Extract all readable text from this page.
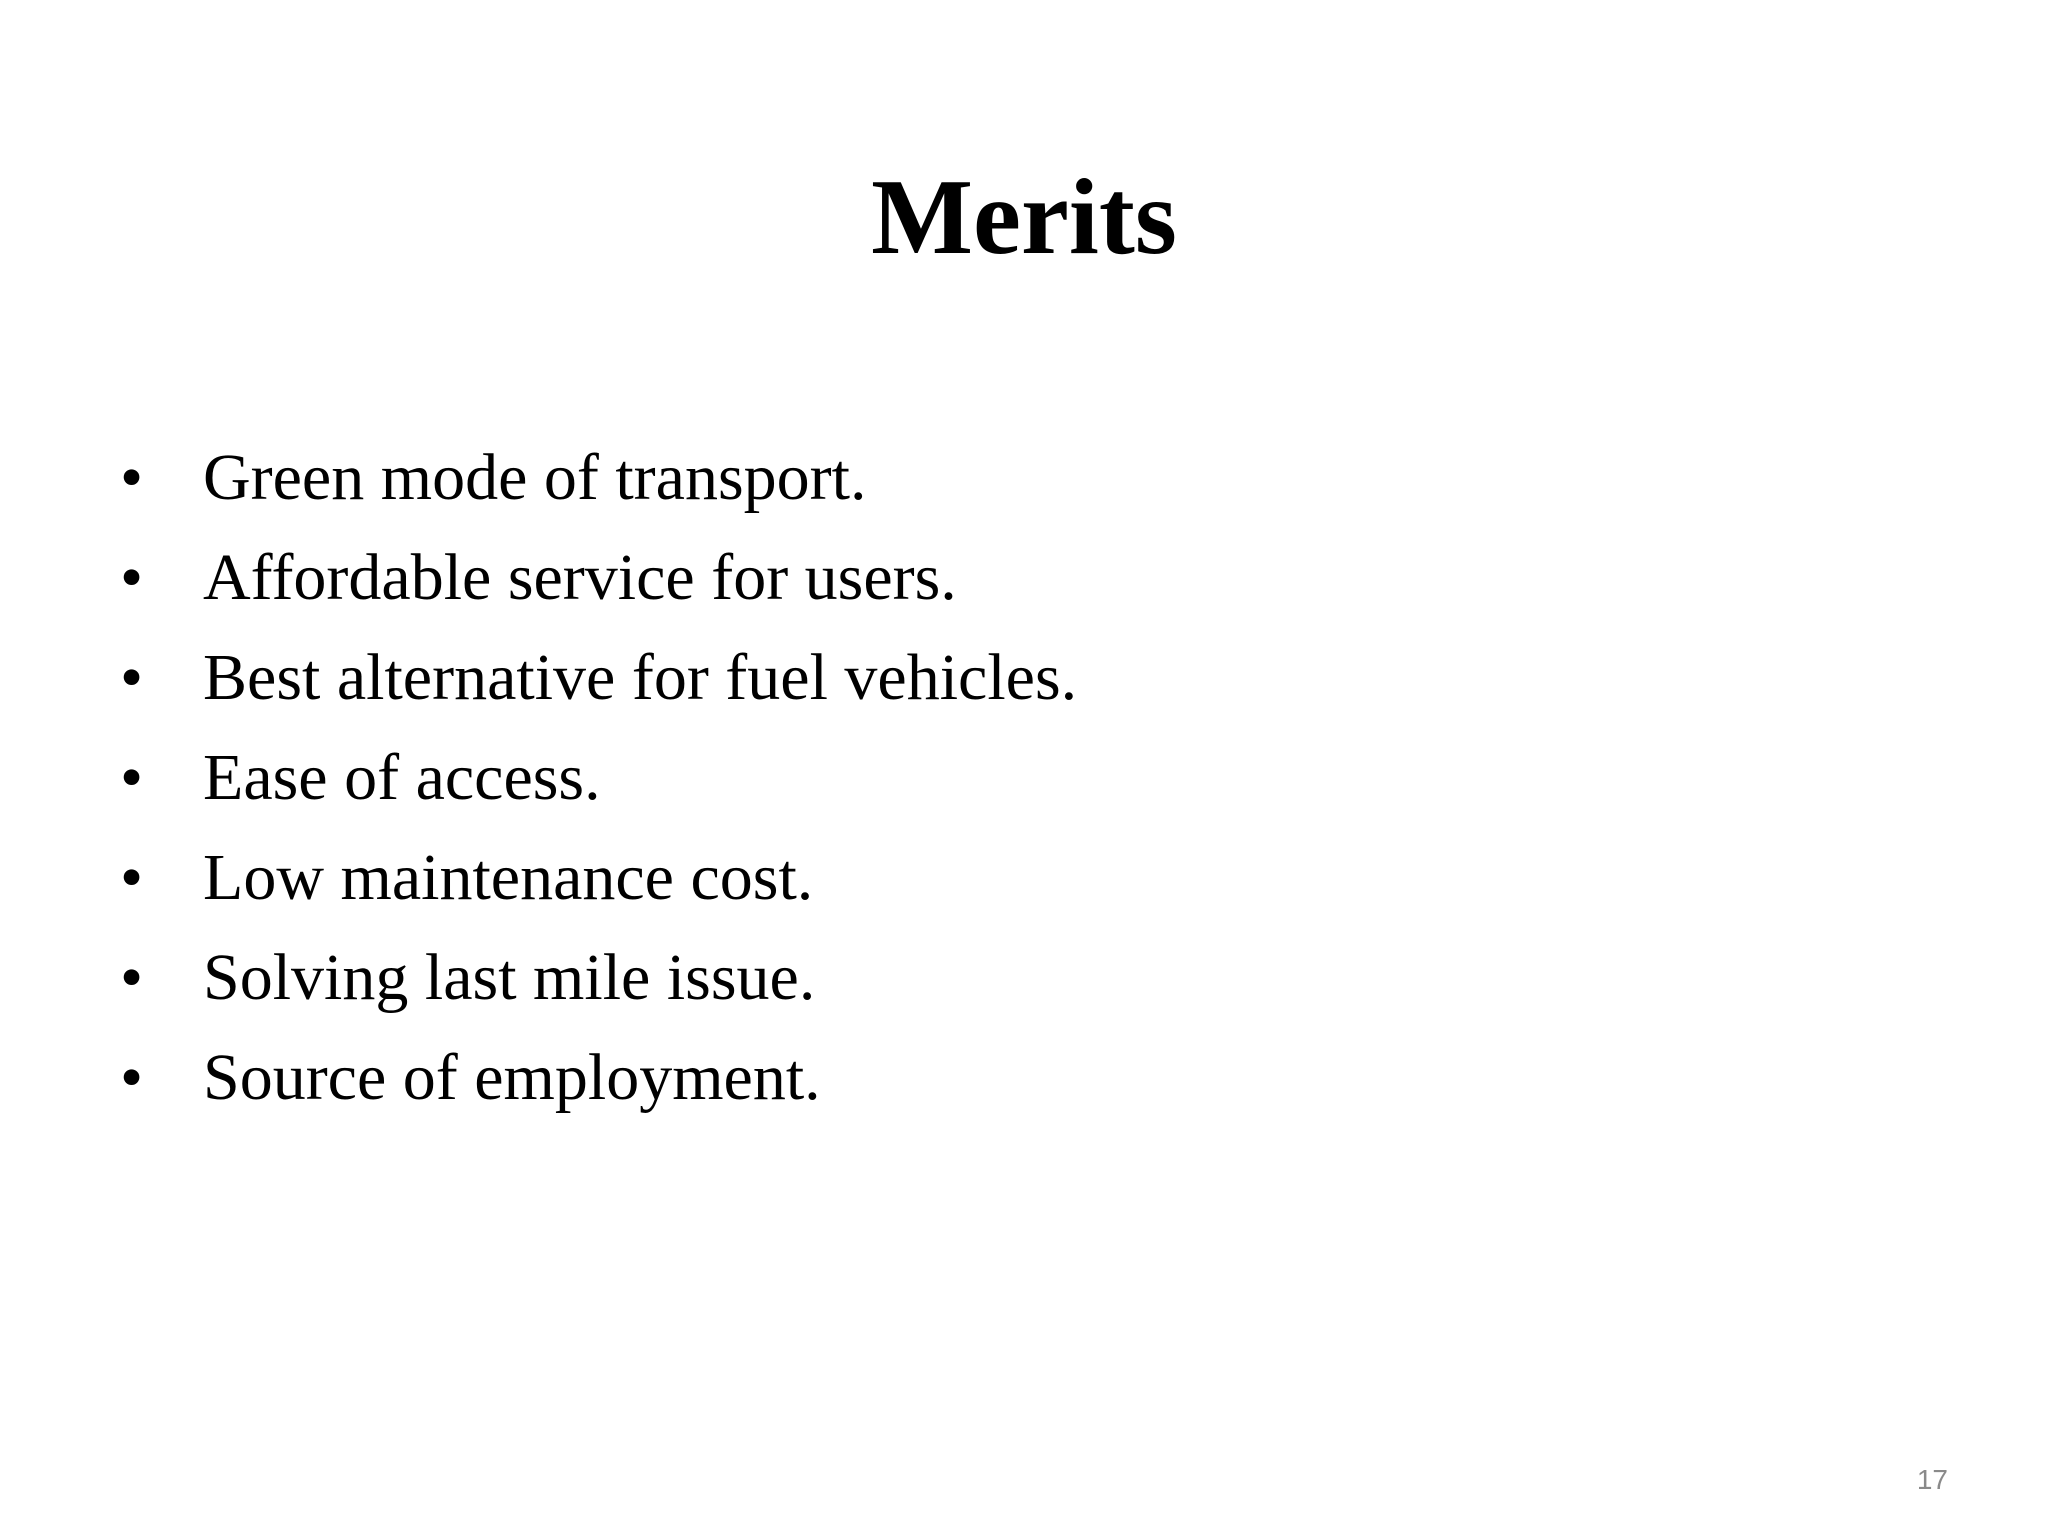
Merits
• Green mode of transport.
• Affordable service for users.
• Best alternative for fuel vehicles.
• Ease of access.
• Low maintenance cost.
• Solving last mile issue.
• Source of employment.
17
